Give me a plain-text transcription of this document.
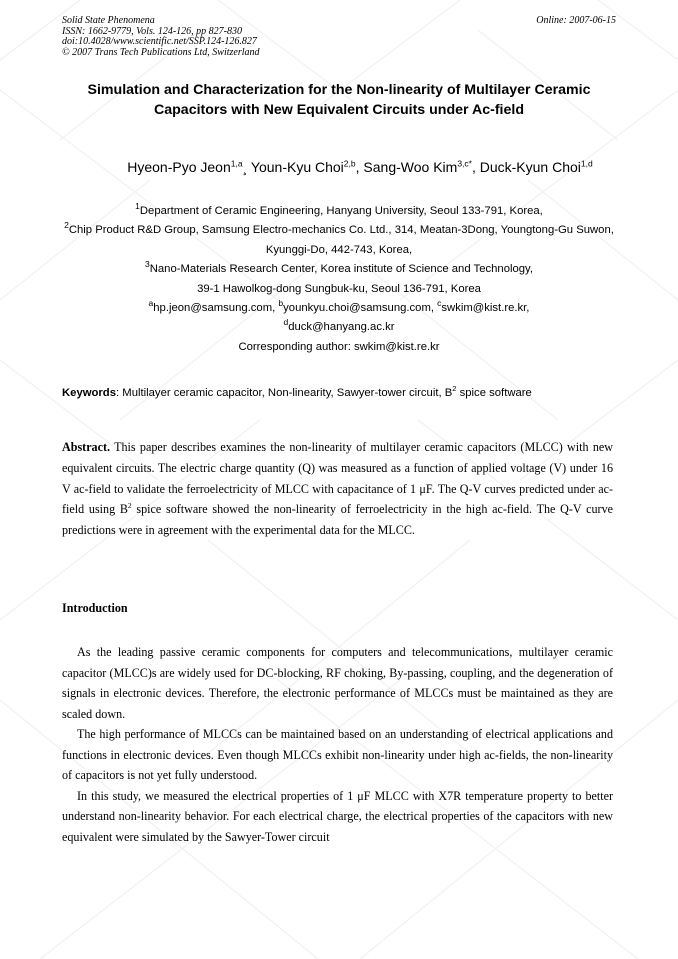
Solid State Phenomena
ISSN: 1662-9779, Vols. 124-126, pp 827-830
doi:10.4028/www.scientific.net/SSP.124-126.827
© 2007 Trans Tech Publications Ltd, Switzerland
Online: 2007-06-15
Simulation and Characterization for the Non-linearity of Multilayer Ceramic Capacitors with New Equivalent Circuits under Ac-field
Hyeon-Pyo Jeon$^{1,a}$¸ Youn-Kyu Choi$^{2,b}$, Sang-Woo Kim$^{3,c*}$, Duck-Kyun Choi$^{1,d}$

$^1$Department of Ceramic Engineering, Hanyang University, Seoul 133-791, Korea,

$^2$Chip Product R&D Group, Samsung Electro-mechanics Co. Ltd., 314, Meatan-3Dong, Youngtong-Gu Suwon, Kyunggi-Do, 442-743, Korea,

$^3$Nano-Materials Research Center, Korea institute of Science and Technology,

39-1 Hawolkog-dong Sungbuk-ku, Seoul 136-791, Korea

$^a$hp.jeon@samsung.com, $^b$younkyu.choi@samsung.com, $^c$swkim@kist.re.kr,

$^d$duck@hanyang.ac.kr

Corresponding author: swkim@kist.re.kr

Keywords: Multilayer ceramic capacitor, Non-linearity, Sawyer-tower circuit, $B^2$ spice software

Abstract. This paper describes examines the non-linearity of multilayer ceramic capacitors (MLCC) with new equivalent circuits. The electric charge quantity (Q) was measured as a function of applied voltage (V) under 16 V ac-field to validate the ferroelectricity of MLCC with capacitance of 1 μF. The Q-V curves predicted under ac-field using $B^2$ spice software showed the non-linearity of ferroelectricity in the high ac-field. The Q-V curve predictions were in agreement with the experimental data for the MLCC.

Introduction

As the leading passive ceramic components for computers and telecommunications, multilayer ceramic capacitor (MLCC)s are widely used for DC-blocking, RF choking, By-passing, coupling, and the degeneration of signals in electronic devices. Therefore, the electronic performance of MLCCs must be maintained as they are scaled down.

The high performance of MLCCs can be maintained based on an understanding of electrical applications and functions in electronic devices. Even though MLCCs exhibit non-linearity under high ac-fields, the non-linearity of capacitors is not yet fully understood.

In this study, we measured the electrical properties of 1 μF MLCC with X7R temperature property to better understand non-linearity behavior. For each electrical charge, the electrical properties of the capacitors with new equivalent were simulated by the Sawyer-Tower circuit
